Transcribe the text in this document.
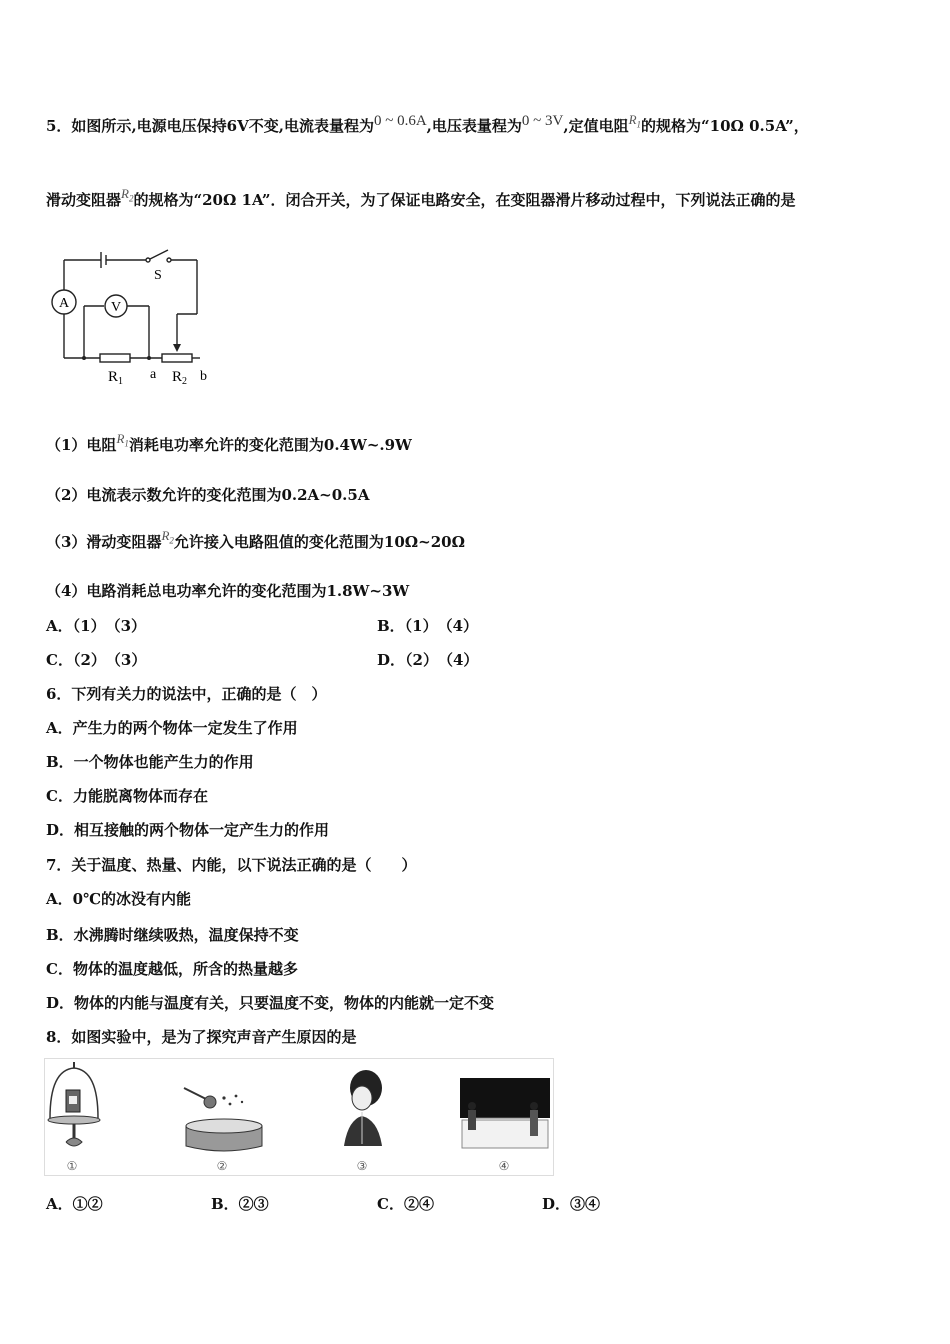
5．如图所示,电源电压保持6V不变,电流表量程为0 ~ 0.6A,电压表量程为0 ~ 3V,定值电阻$R_1$的规格为“10Ω 0.5A”，
滑动变阻器$R_2$的规格为“20Ω 1A”．闭合开关，为了保证电路安全，在变阻器滑片移动过程中，下列说法正确的是
A	V
S
$R_1$ a $R_2$ b
（1）电阻$R_1$消耗电功率允许的变化范围为0.4W~.9W
（2）电流表示数允许的变化范围为0.2A~0.5A
（3）滑动变阻器$R_2$允许接入电路阻值的变化范围为10Ω~20Ω
（4）电路消耗总电功率允许的变化范围为1.8W~3W
A．（1）　（3）	B．（1）　（4）
C．（2）　（3）	D．（2）　（4）
6．下列有关力的说法中，正确的是（　）
A．产生力的两个物体一定发生了作用
B．一个物体也能产生力的作用
C．力能脱离物体而存在
D．相互接触的两个物体一定产生力的作用
7．关于温度、热量、内能，以下说法正确的是（　　）
A．0℃的冰没有内能
B．水沸腾时继续吸热，温度保持不变
C．物体的温度越低，所含的热量越多
D．物体的内能与温度有关，只要温度不变，物体的内能就一定不变
8．如图实验中，是为了探究声音产生原因的是
①	②	③	④
A．①②	B．②③	C．②④	D．③④
